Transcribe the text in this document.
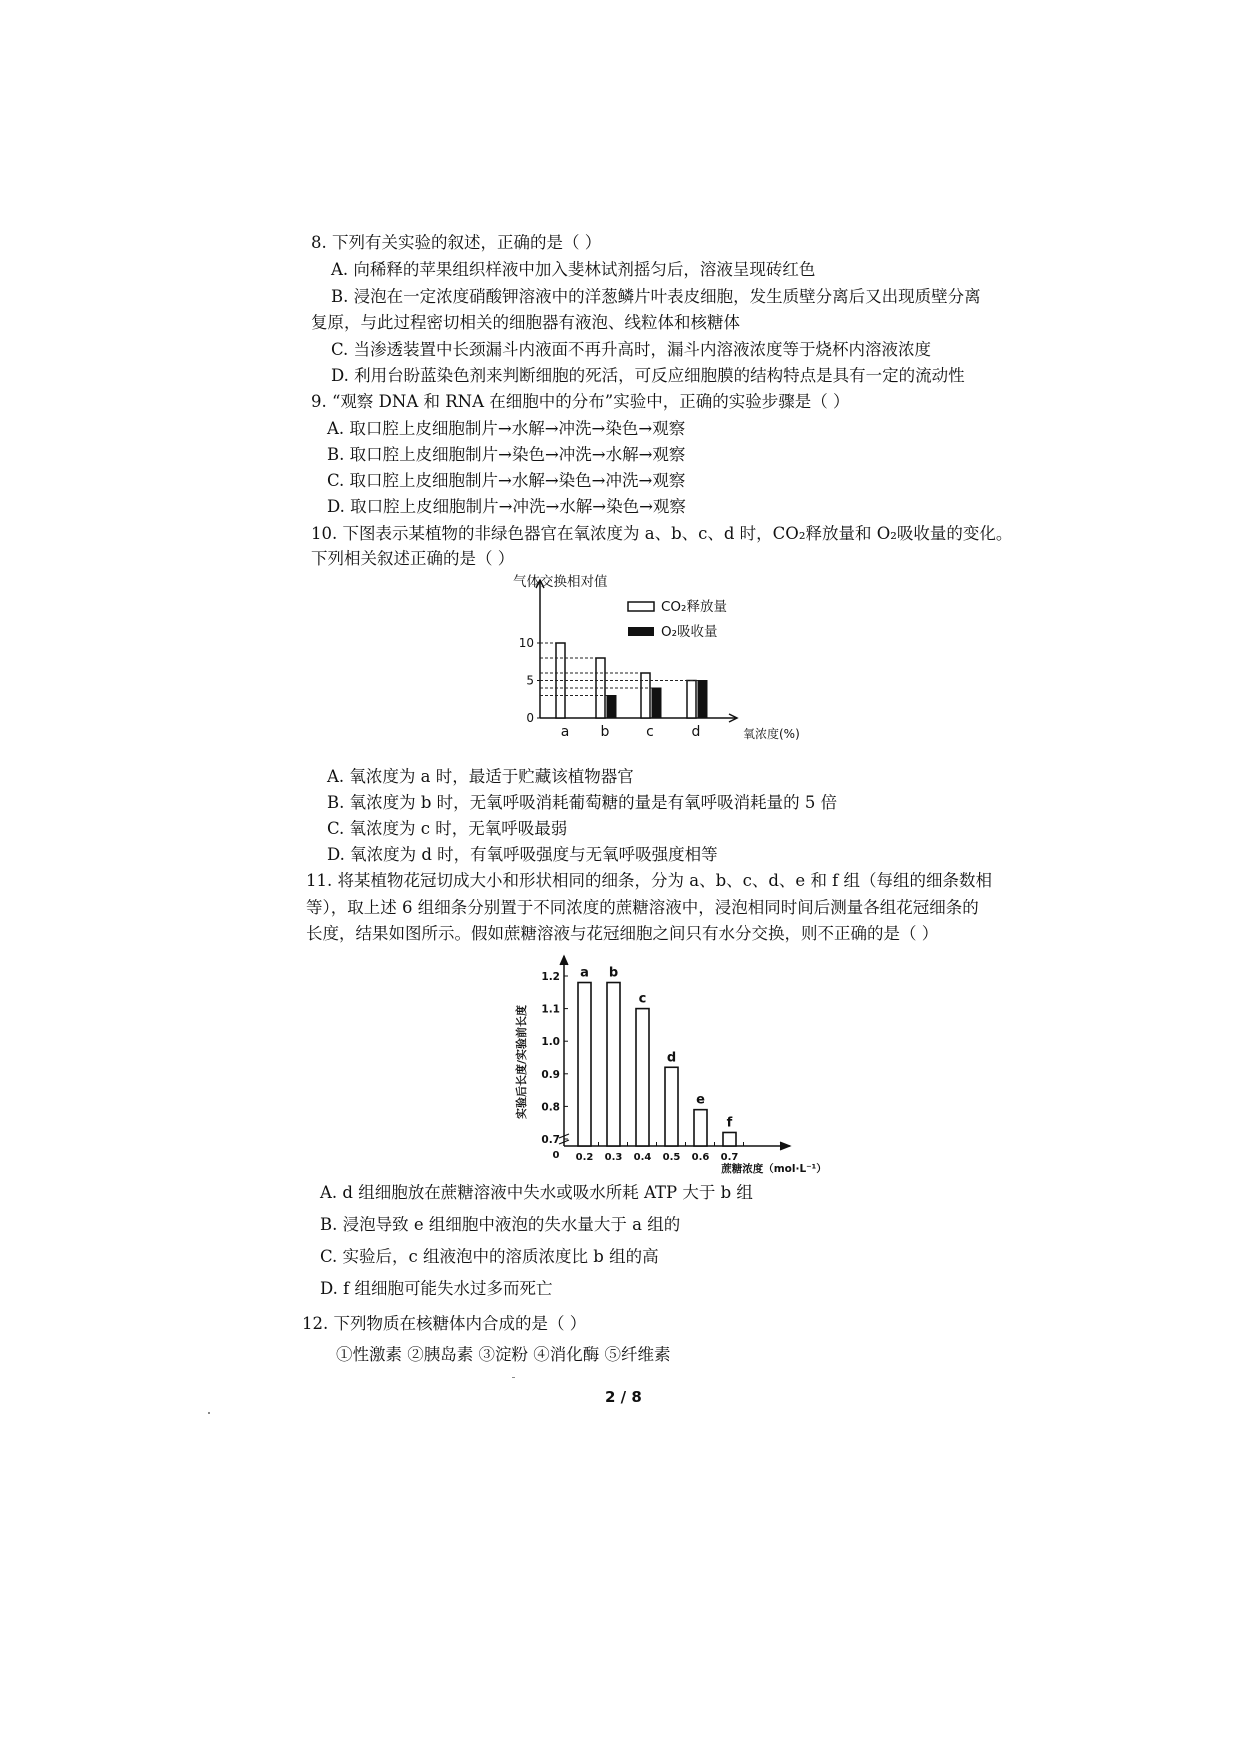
8. 下列有关实验的叙述，正确的是（ ）
A. 向稀释的苹果组织样液中加入斐林试剂摇匀后，溶液呈现砖红色
B. 浸泡在一定浓度硝酸钾溶液中的洋葱鳞片叶表皮细胞，发生质壁分离后又出现质壁分离
复原，与此过程密切相关的细胞器有液泡、线粒体和核糖体
C. 当渗透装置中长颈漏斗内液面不再升高时，漏斗内溶液浓度等于烧杯内溶液浓度
D. 利用台盼蓝染色剂来判断细胞的死活，可反应细胞膜的结构特点是具有一定的流动性
9. “观察 DNA 和 RNA 在细胞中的分布”实验中，正确的实验步骤是（ ）
A. 取口腔上皮细胞制片→水解→冲洗→染色→观察
B. 取口腔上皮细胞制片→染色→冲洗→水解→观察
C. 取口腔上皮细胞制片→水解→染色→冲洗→观察
D. 取口腔上皮细胞制片→冲洗→水解→染色→观察
10. 下图表示某植物的非绿色器官在氧浓度为 a、b、c、d 时，CO₂释放量和 O₂吸收量的变化。
下列相关叙述正确的是（ ）
气体交换相对值
氧浓度(%)
0
5
10
a b	c	d
CO₂释放量
O₂吸收量
A. 氧浓度为 a 时，最适于贮藏该植物器官
B. 氧浓度为 b 时，无氧呼吸消耗葡萄糖的量是有氧呼吸消耗量的 5 倍
C. 氧浓度为 c 时，无氧呼吸最弱
D. 氧浓度为 d 时，有氧呼吸强度与无氧呼吸强度相等
11. 将某植物花冠切成大小和形状相同的细条，分为 a、b、c、d、e 和 f 组（每组的细条数相
等），取上述 6 组细条分别置于不同浓度的蔗糖溶液中，浸泡相同时间后测量各组花冠细条的
长度，结果如图所示。假如蔗糖溶液与花冠细胞之间只有水分交换，则不正确的是（ ）
0
实验后长度/实验前长度
蔗糖浓度（mol·L⁻¹）
0.7
0.8
0.9
1.0
1.1
1.2 a
0.2
b
0.3
c
0.4
d
0.5
e
0.6
f
0.7
A. d 组细胞放在蔗糖溶液中失水或吸水所耗 ATP 大于 b 组
B. 浸泡导致 e 组细胞中液泡的失水量大于 a 组的
C. 实验后，c 组液泡中的溶质浓度比 b 组的高
D. f 组细胞可能失水过多而死亡
12. 下列物质在核糖体内合成的是（ ）
①性激素 ②胰岛素 ③淀粉 ④消化酶 ⑤纤维素
2 / 8
